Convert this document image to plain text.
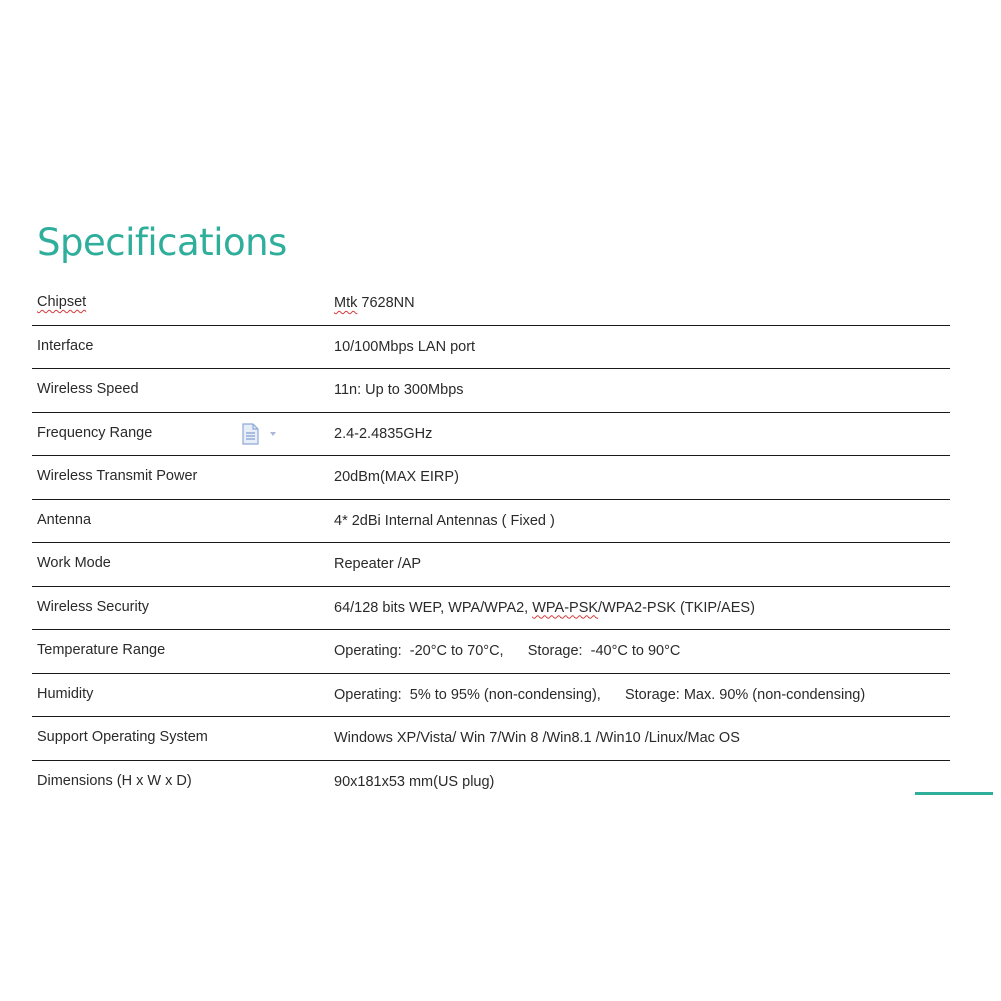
Specifications
Chipset	Mtk 7628NN
Interface	10/100Mbps LAN port
Wireless Speed	11n: Up to 300Mbps
Frequency Range	2.4-2.4835GHz
Wireless Transmit Power	20dBm(MAX EIRP)
Antenna	4* 2dBi Internal Antennas ( Fixed )
Work Mode	Repeater /AP
Wireless Security	64/128 bits WEP, WPA/WPA2, WPA-PSK/WPA2-PSK (TKIP/AES)
Temperature Range	Operating:  -20°C to 70°C,      Storage:  -40°C to 90°C
Humidity	Operating:  5% to 95% (non-condensing),      Storage: Max. 90% (non-condensing)
Support Operating System	Windows XP/Vista/ Win 7/Win 8 /Win8.1 /Win10 /Linux/Mac OS
Dimensions (H x W x D)	90x181x53 mm(US plug)
